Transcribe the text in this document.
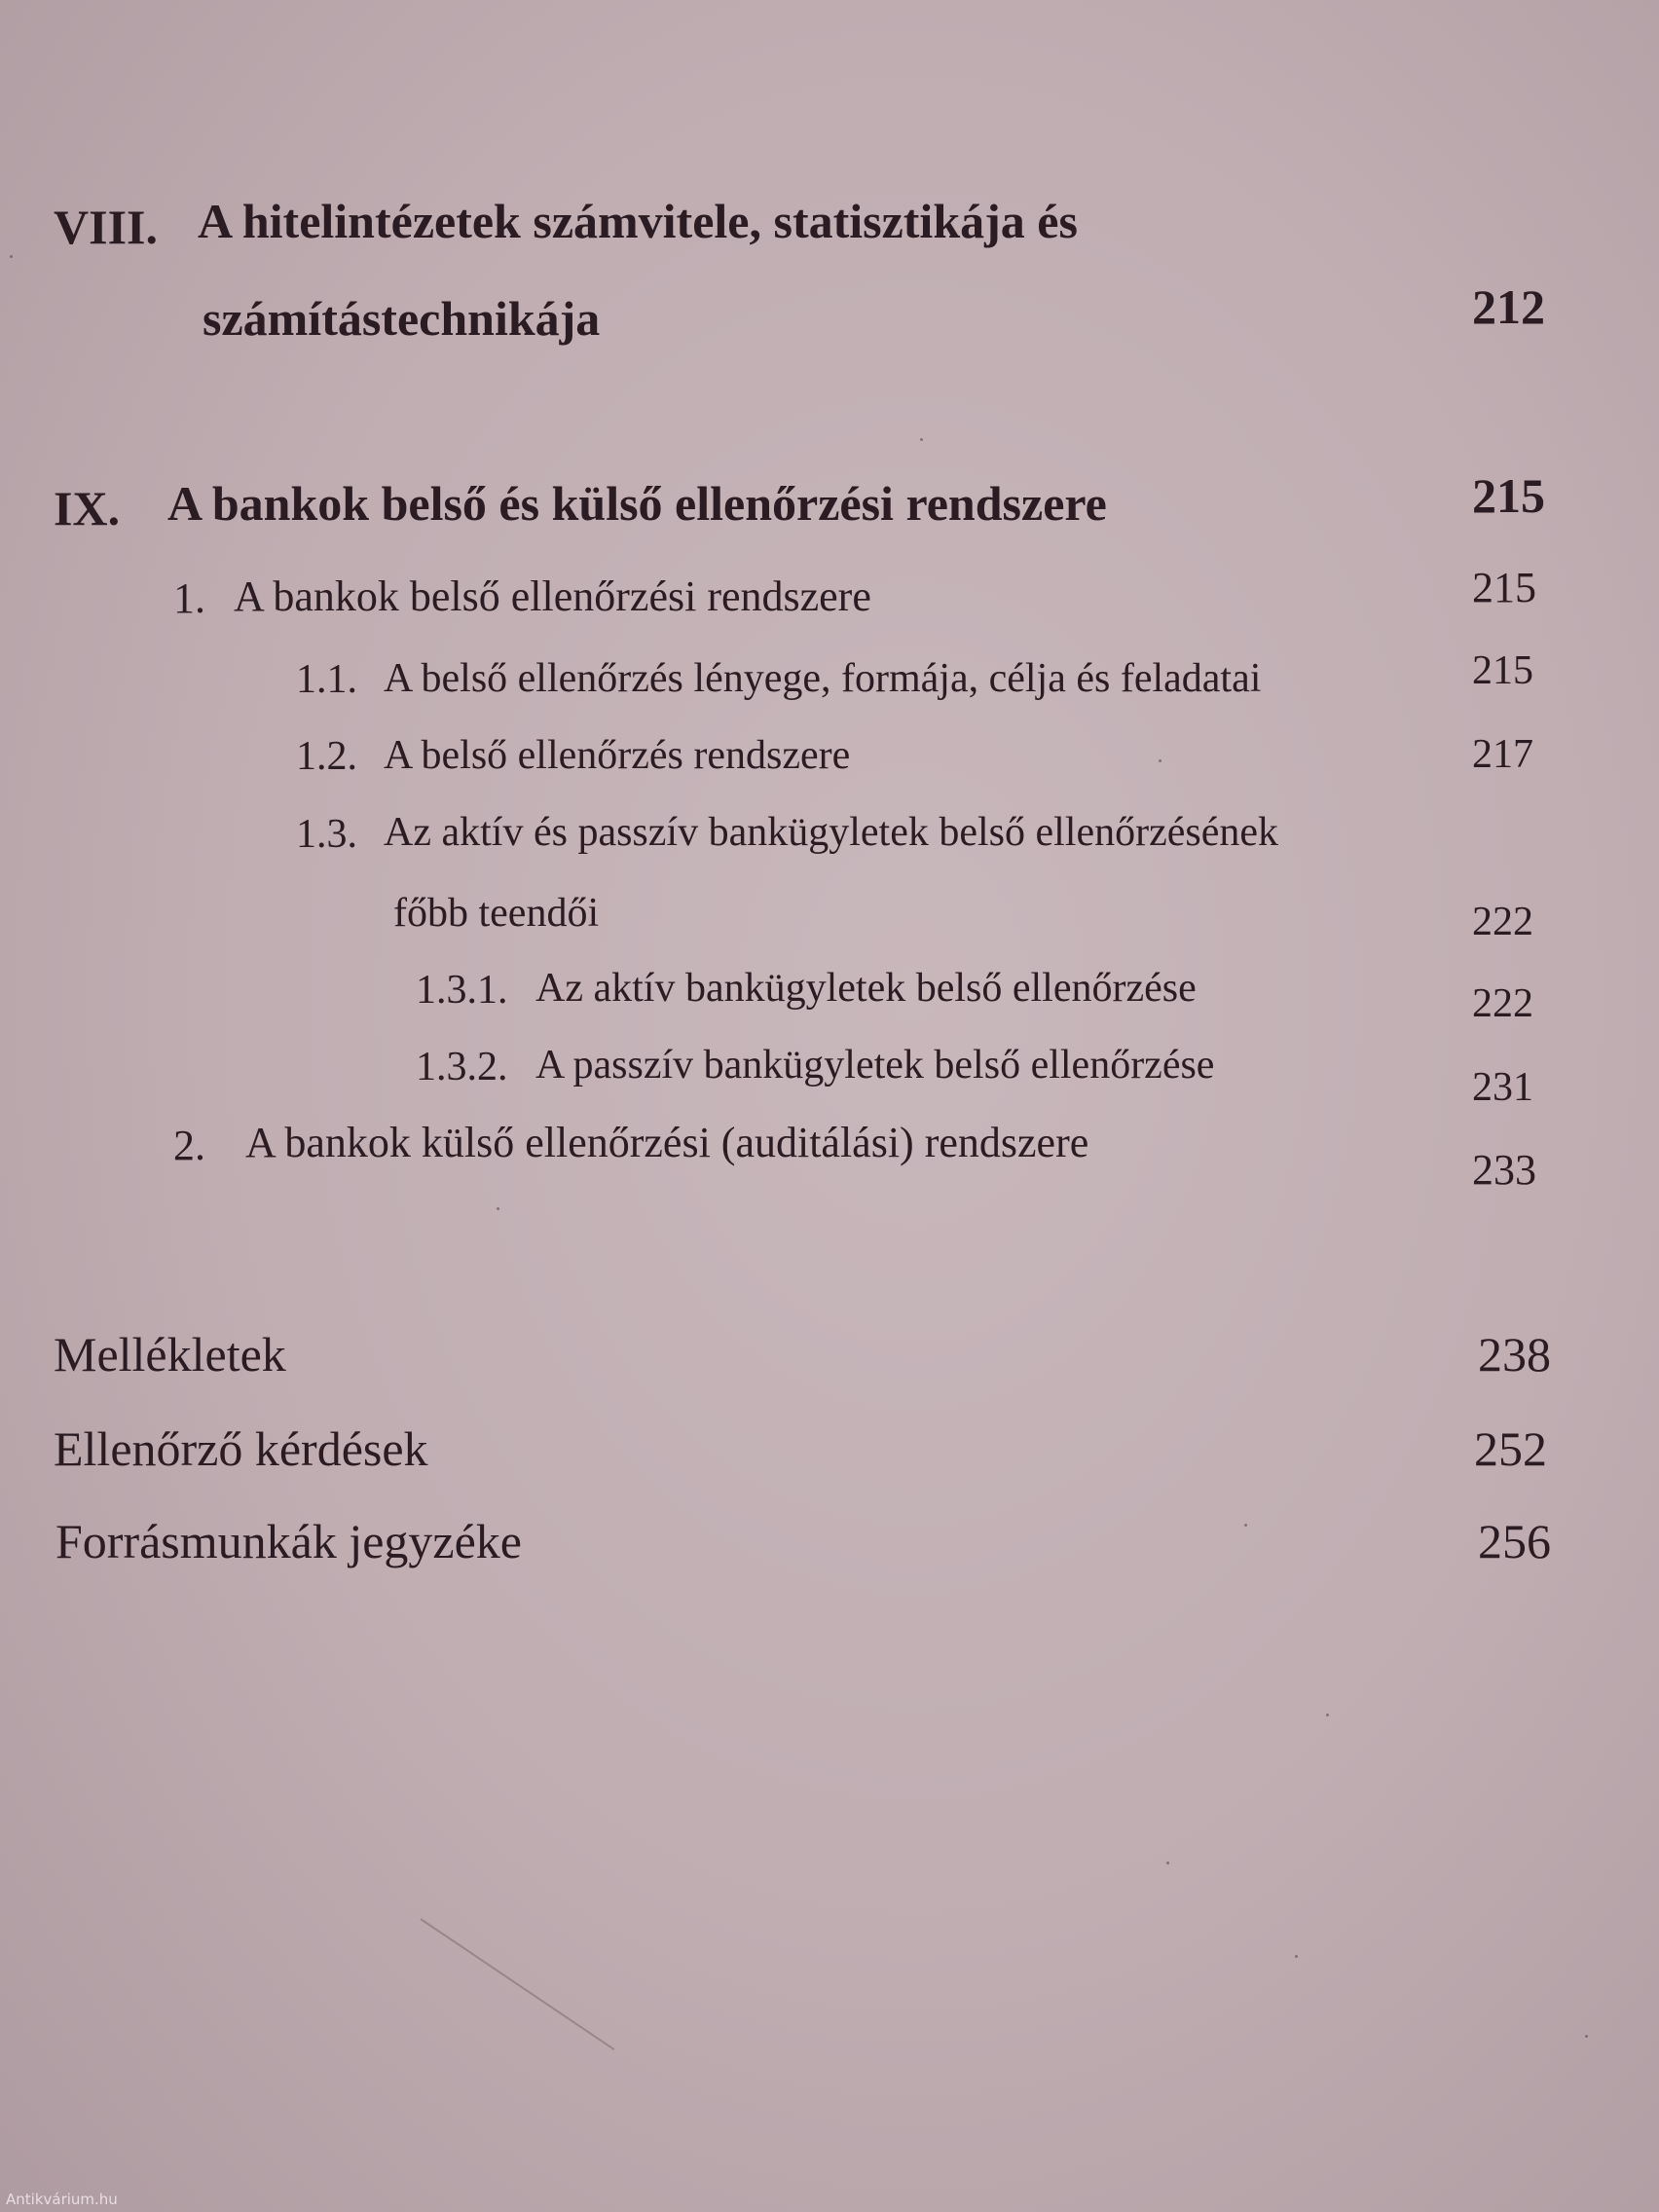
VIII. A hitelintézetek számvitele, statisztikája és
számítástechnikája	212
IX. A bankok belső és külső ellenőrzési rendszere	215
1. A bankok belső ellenőrzési rendszere	215
1.1. A belső ellenőrzés lényege, formája, célja és feladatai	215
1.2. A belső ellenőrzés rendszere	217
1.3. Az aktív és passzív bankügyletek belső ellenőrzésének
főbb teendői	222
1.3.1. Az aktív bankügyletek belső ellenőrzése	222
1.3.2. A passzív bankügyletek belső ellenőrzése	231
2. A bankok külső ellenőrzési (auditálási) rendszere
233
Mellékletek	238
Ellenőrző kérdések	252
Forrásmunkák jegyzéke	256
Antikvárium.hu
